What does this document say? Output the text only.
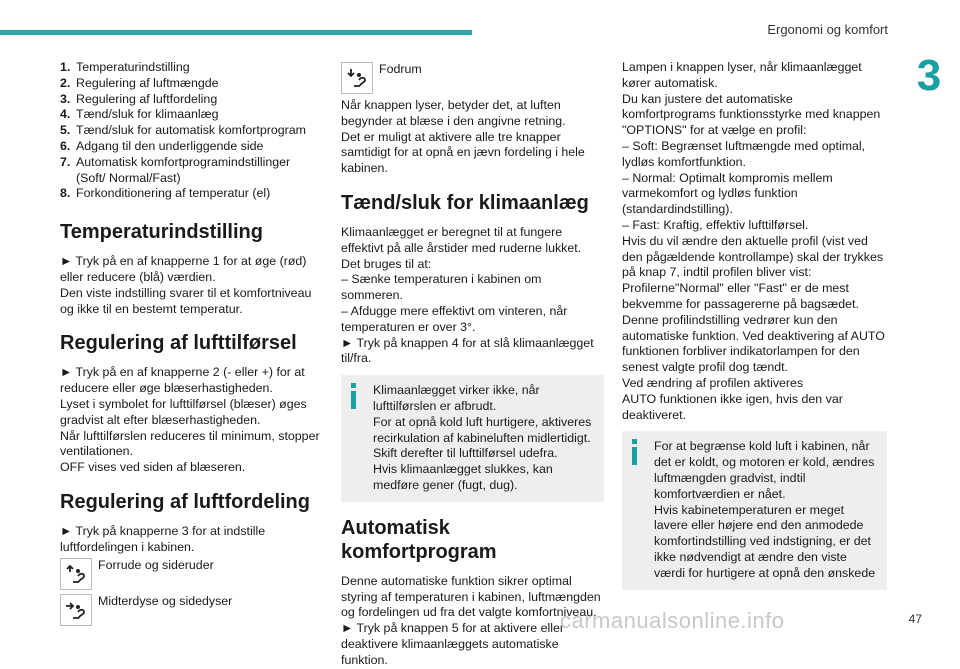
Ergonomi og komfort
3
1. Temperaturindstilling
2. Regulering af luftmængde
3. Regulering af luftfordeling
4. Tænd/sluk for klimaanlæg
5. Tænd/sluk for automatisk komfortprogram
6. Adgang til den underliggende side
7. Automatisk komfortprogramindstillinger (Soft/ Normal/Fast)
8. Forkonditionering af temperatur (el)
Temperaturindstilling

► Tryk på en af knapperne 1 for at øge (rød) eller reducere (blå) værdien.
Den viste indstilling svarer til et komfortniveau og ikke til en bestemt temperatur.

Regulering af lufttilførsel

► Tryk på en af knapperne 2 (- eller +) for at reducere eller øge blæserhastigheden.
Lyset i symbolet for lufttilførsel (blæser) øges gradvist alt efter blæserhastigheden.
Når lufttilførslen reduceres til minimum, stopper ventilationen.
OFF vises ved siden af blæseren.

Regulering af luftfordeling

► Tryk på knapperne 3 for at indstille luftfordelingen i kabinen.

Forrude og sideruder
Midterdyse og sidedyser
Fodrum

Når knappen lyser, betyder det, at luften begynder at blæse i den angivne retning.
Det er muligt at aktivere alle tre knapper samtidigt for at opnå en jævn fordeling i hele kabinen.

Tænd/sluk for klimaanlæg

Klimaanlægget er beregnet til at fungere effektivt på alle årstider med ruderne lukket.
Det bruges til at:
– Sænke temperaturen i kabinen om sommeren.
– Afdugge mere effektivt om vinteren, når temperaturen er over 3°.
► Tryk på knappen 4 for at slå klimaanlægget til/fra.

Klimaanlægget virker ikke, når lufttilførslen er afbrudt.
For at opnå kold luft hurtigere, aktiveres recirkulation af kabineluften midlertidigt. Skift derefter til lufttilførsel udefra.
Hvis klimaanlægget slukkes, kan medføre gener (fugt, dug).

Automatisk komfortprogram

Denne automatiske funktion sikrer optimal styring af temperaturen i kabinen, luftmængden og fordelingen ud fra det valgte komfortniveau.
► Tryk på knappen 5 for at aktivere eller deaktivere klimaanlæggets automatiske funktion.

Lampen i knappen lyser, når klimaanlægget kører automatisk.
Du kan justere det automatiske komfortprograms funktionsstyrke med knappen "OPTIONS" for at vælge en profil:
– Soft: Begrænset luftmængde med optimal, lydløs komfortfunktion.
– Normal: Optimalt kompromis mellem varmekomfort og lydløs funktion (standardindstilling).
– Fast: Kraftig, effektiv lufttilførsel.
Hvis du vil ændre den aktuelle profil (vist ved den pågældende kontrollampe) skal der trykkes på knap 7, indtil profilen bliver vist:
Profilerne"Normal" eller "Fast" er de mest bekvemme for passagererne på bagsædet.
Denne profilindstilling vedrører kun den automatiske funktion. Ved deaktivering af AUTO funktionen forbliver indikatorlampen for den senest valgte profil dog tændt.
Ved ændring af profilen aktiveres
AUTO funktionen ikke igen, hvis den var deaktiveret.

For at begrænse kold luft i kabinen, når det er koldt, og motoren er kold, ændres luftmængden gradvist, indtil komfortværdien er nået.
Hvis kabinetemperaturen er meget lavere eller højere end den anmodede komfortindstilling ved indstigning, er det ikke nødvendigt at ændre den viste værdi for hurtigere at opnå den ønskede

carmanualsonline.info	47
